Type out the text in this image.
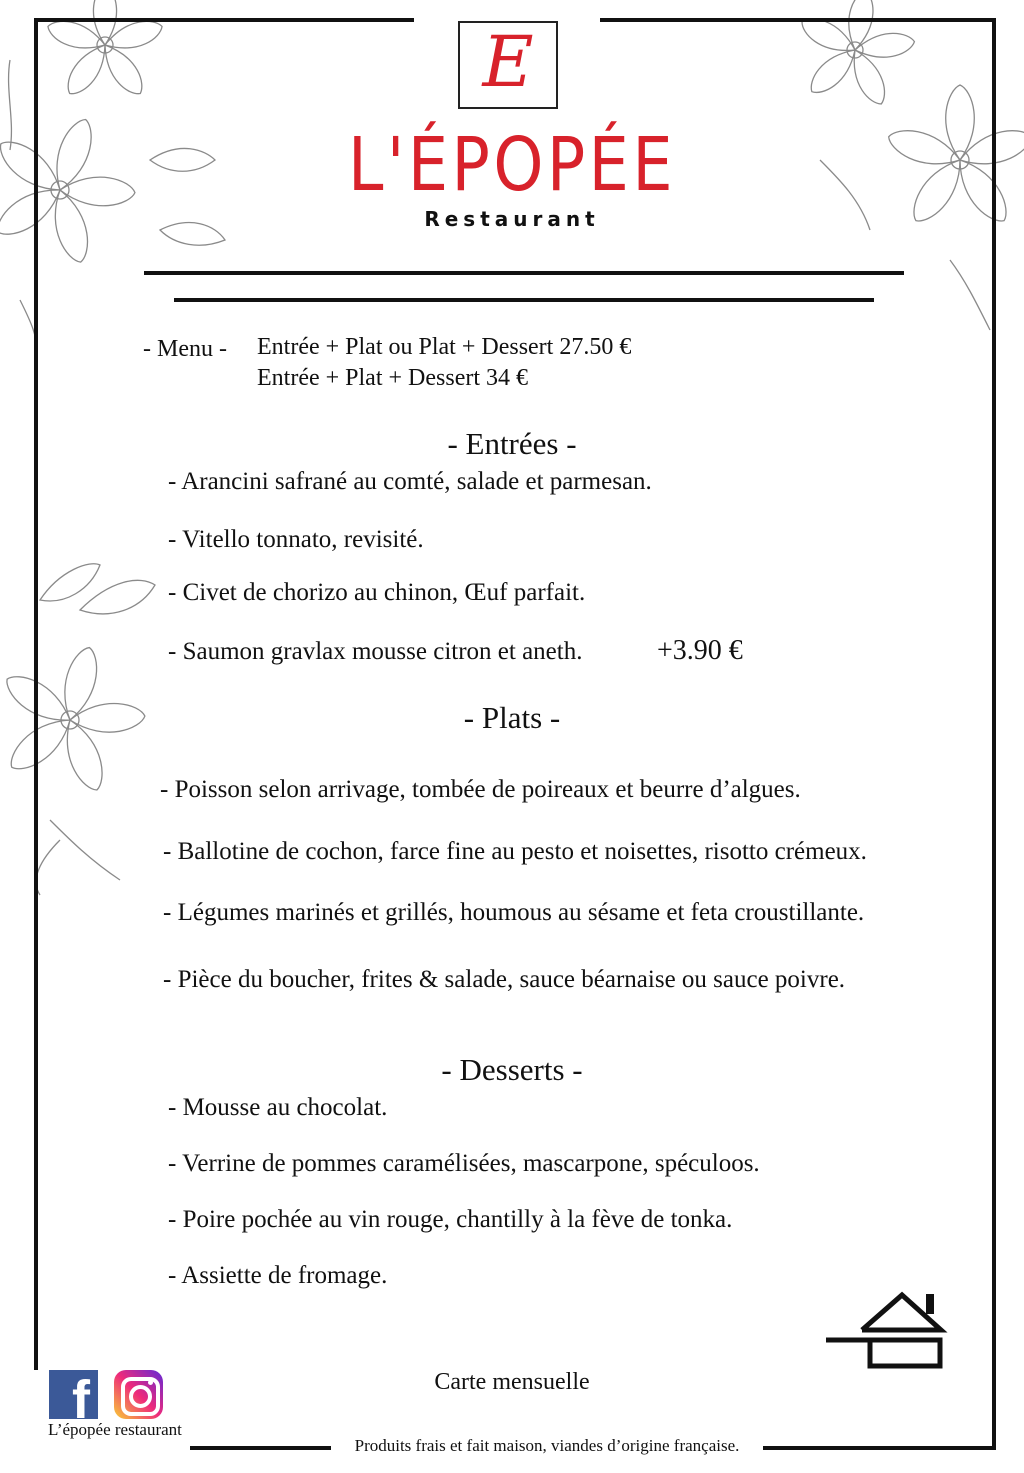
E
L'ÉPOPÉE
Restaurant
- Menu - Entrée + Plat ou Plat + Dessert 27.50 €
Entrée + Plat + Dessert 34 €
- Entrées -
- Arancini safrané au comté, salade et parmesan.
- Vitello tonnato, revisité.
- Civet de chorizo au chinon, Œuf parfait.
- Saumon gravlax mousse citron et aneth.	+3.90 €
- Plats -
- Poisson selon arrivage, tombée de poireaux et beurre d’algues.
- Ballotine de cochon, farce fine au pesto et noisettes, risotto crémeux.
- Légumes marinés et grillés, houmous au sésame et feta croustillante.
- Pièce du boucher, frites & salade, sauce béarnaise ou sauce poivre.
- Desserts -
- Mousse au chocolat.
- Verrine de pommes caramélisées, mascarpone, spéculoos.
- Poire pochée au vin rouge, chantilly à la fève de tonka.
- Assiette de fromage.
Carte mensuelle
f
L’épopée restaurant
Produits frais et fait maison, viandes d’origine française.
